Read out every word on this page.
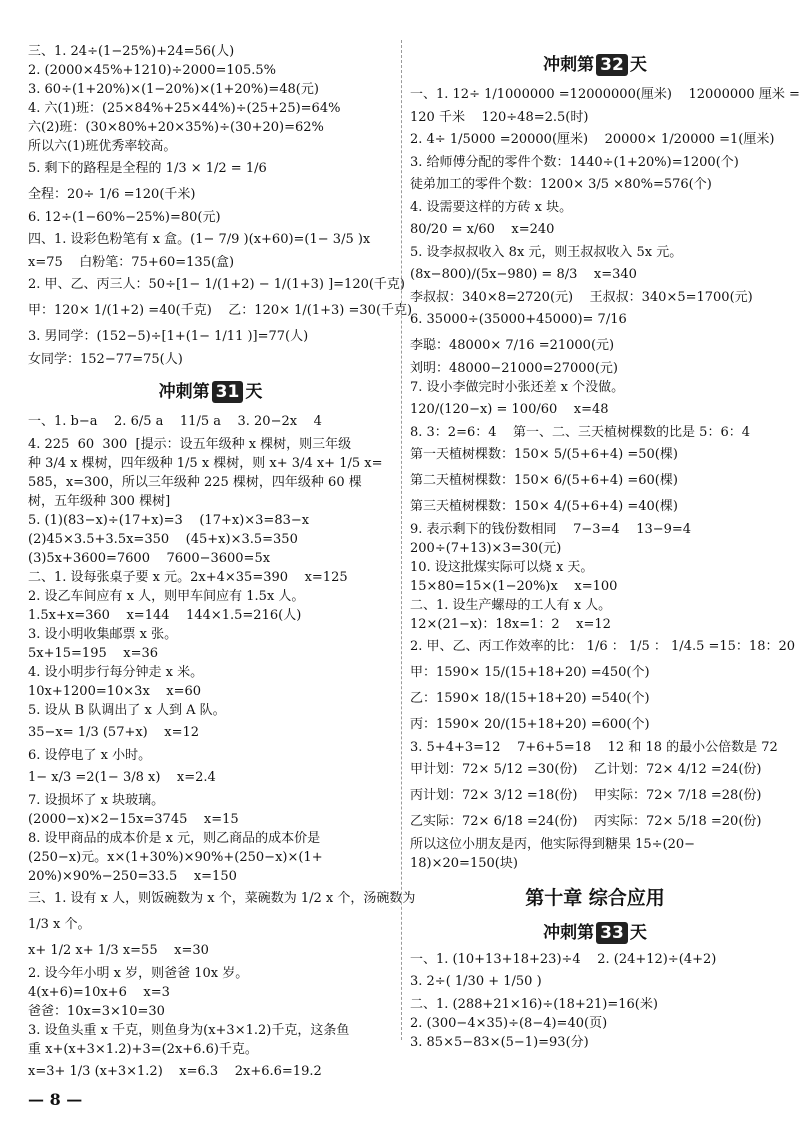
三、1. 24÷(1−25%)+24=56(人)
2. (2000×45%+1210)÷2000=105.5%
3. 60÷(1+20%)×(1−20%)×(1+20%)=48(元)
4. 六(1)班：(25×84%+25×44%)÷(25+25)=64%
六(2)班：(30×80%+20×35%)÷(30+20)=62%
所以六(1)班优秀率较高。
5. 剩下的路程是全程的 1/3 × 1/2 = 1/6
全程：20÷ 1/6 =120(千米)
6. 12÷(1−60%−25%)=80(元)
四、1. 设彩色粉笔有 x 盒。(1− 7/9 )(x+60)=(1− 3/5 )x
x=75    白粉笔：75+60=135(盒)
2. 甲、乙、丙三人：50÷[1− 1/(1+2) − 1/(1+3) ]=120(千克)
甲：120× 1/(1+2) =40(千克)    乙：120× 1/(1+3) =30(千克)
3. 男同学：(152−5)÷[1+(1− 1/11 )]=77(人)
女同学：152−77=75(人)
冲刺第 31 天
一、1. b−a    2. 6/5 a    11/5 a    3. 20−2x    4
4. 225  60  300  [提示：设五年级种 x 棵树，则三年级
种 3/4 x 棵树，四年级种 1/5 x 棵树，则 x+ 3/4 x+ 1/5 x=
585，x=300，所以三年级种 225 棵树，四年级种 60 棵
树，五年级种 300 棵树]
5. (1)(83−x)÷(17+x)=3    (17+x)×3=83−x
(2)45×3.5+3.5x=350    (45+x)×3.5=350
(3)5x+3600=7600    7600−3600=5x
二、1. 设每张桌子要 x 元。2x+4×35=390    x=125
2. 设乙车间应有 x 人，则甲车间应有 1.5x 人。
1.5x+x=360    x=144    144×1.5=216(人)
3. 设小明收集邮票 x 张。
5x+15=195    x=36
4. 设小明步行每分钟走 x 米。
10x+1200=10×3x    x=60
5. 设从 B 队调出了 x 人到 A 队。
35−x= 1/3 (57+x)    x=12
6. 设停电了 x 小时。
1− x/3 =2(1− 3/8 x)    x=2.4
7. 设损坏了 x 块玻璃。
(2000−x)×2−15x=3745    x=15
8. 设甲商品的成本价是 x 元，则乙商品的成本价是
(250−x)元。x×(1+30%)×90%+(250−x)×(1+
20%)×90%−250=33.5    x=150
三、1. 设有 x 人，则饭碗数为 x 个，菜碗数为 1/2 x 个，汤碗数为
1/3 x 个。
x+ 1/2 x+ 1/3 x=55    x=30
2. 设今年小明 x 岁，则爸爸 10x 岁。
4(x+6)=10x+6    x=3
爸爸：10x=3×10=30
3. 设鱼头重 x 千克，则鱼身为(x+3×1.2)千克，这条鱼
重 x+(x+3×1.2)+3=(2x+6.6)千克。
x=3+ 1/3 (x+3×1.2)    x=6.3    2x+6.6=19.2
冲刺第 32 天
一、1. 12÷ 1/1000000 =12000000(厘米)    12000000 厘米 =
120 千米    120÷48=2.5(时)
2. 4÷ 1/5000 =20000(厘米)    20000× 1/20000 =1(厘米)
3. 给师傅分配的零件个数：1440÷(1+20%)=1200(个)
徒弟加工的零件个数：1200× 3/5 ×80%=576(个)
4. 设需要这样的方砖 x 块。
80/20 = x/60    x=240
5. 设李叔叔收入 8x 元，则王叔叔收入 5x 元。
(8x−800)/(5x−980) = 8/3    x=340
李叔叔：340×8=2720(元)    王叔叔：340×5=1700(元)
6. 35000÷(35000+45000)= 7/16
李聪：48000× 7/16 =21000(元)
刘明：48000−21000=27000(元)
7. 设小李做完时小张还差 x 个没做。
120/(120−x) = 100/60    x=48
8. 3：2=6：4    第一、二、三天植树棵数的比是 5：6：4
第一天植树棵数：150× 5/(5+6+4) =50(棵)
第二天植树棵数：150× 6/(5+6+4) =60(棵)
第三天植树棵数：150× 4/(5+6+4) =40(棵)
9. 表示剩下的钱份数相同    7−3=4    13−9=4
200÷(7+13)×3=30(元)
10. 设这批煤实际可以烧 x 天。
15×80=15×(1−20%)x    x=100
二、1. 设生产螺母的工人有 x 人。
12×(21−x)：18x=1：2    x=12
2. 甲、乙、丙工作效率的比： 1/6 ： 1/5 ： 1/4.5 =15：18：20
甲：1590× 15/(15+18+20) =450(个)
乙：1590× 18/(15+18+20) =540(个)
丙：1590× 20/(15+18+20) =600(个)
3. 5+4+3=12    7+6+5=18    12 和 18 的最小公倍数是 72
甲计划：72× 5/12 =30(份)    乙计划：72× 4/12 =24(份)
丙计划：72× 3/12 =18(份)    甲实际：72× 7/18 =28(份)
乙实际：72× 6/18 =24(份)    丙实际：72× 5/18 =20(份)
所以这位小朋友是丙，他实际得到糖果 15÷(20−
18)×20=150(块)
第十章 综合应用
冲刺第 33 天
一、1. (10+13+18+23)÷4    2. (24+12)÷(4+2)
3. 2÷( 1/30 + 1/50 )
二、1. (288+21×16)÷(18+21)=16(米)
2. (300−4×35)÷(8−4)=40(页)
3. 85×5−83×(5−1)=93(分)
— 8 —
